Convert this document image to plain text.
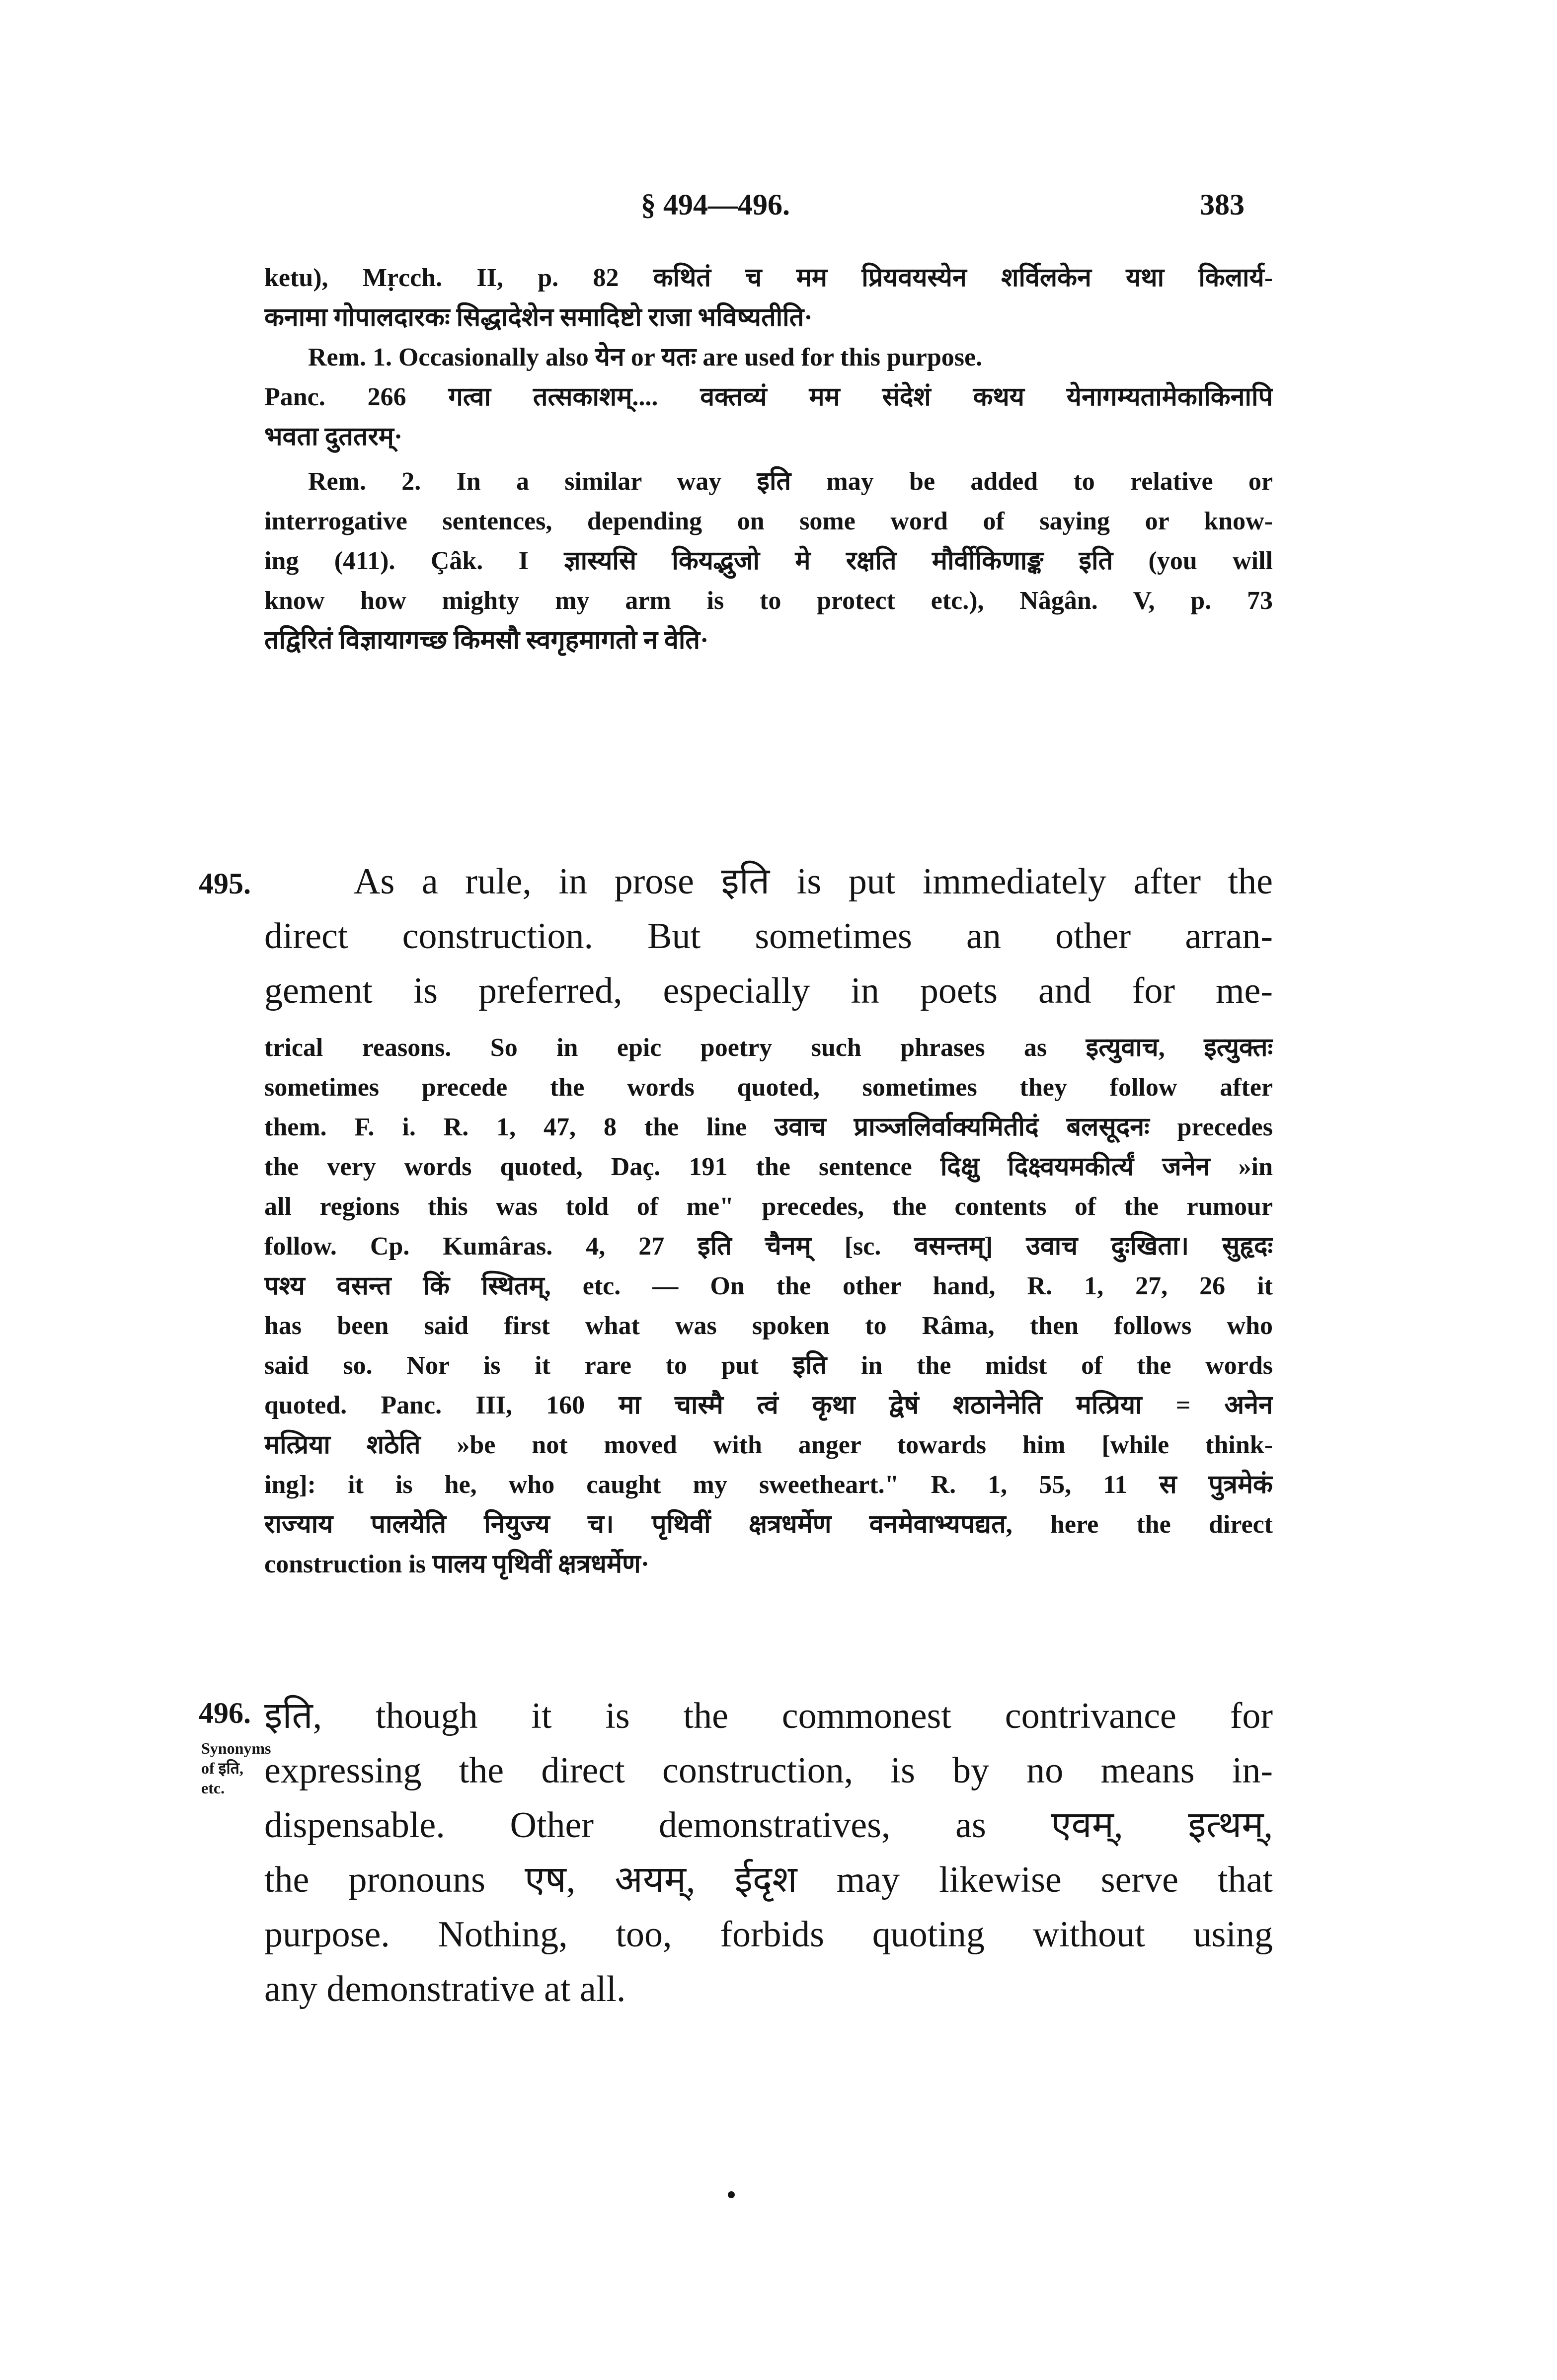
§ 494—496.	383
ketu), Mṛcch. II, p. 82 कथितं च मम प्रियवयस्येन शर्विलकेन यथा किलार्य-
कनामा गोपालदारकः सिद्धादेशेन समादिष्टो राजा भविष्यतीति·
Rem. 1. Occasionally also येन or यतः are used for this purpose.
Panc. 266 गत्वा तत्सकाशम्.... वक्तव्यं मम संदेशं कथय येनागम्यतामेकाकिनापि
भवता दुततरम्·
Rem. 2. In a similar way इति may be added to relative or
interrogative sentences, depending on some word of saying or know-
ing (411). Çâk. I ज्ञास्यसि कियद्भुजो मे रक्षति मौर्वीकिणाङ्क इति (you will
know how mighty my arm is to protect etc.), Nâgân. V, p. 73
तद्विरितं विज्ञायागच्छ किमसौ स्वगृहमागतो न वेति·
495.	As a rule, in prose इति is put immediately after the
direct construction. But sometimes an other arran-
gement is preferred, especially in poets and for me-
trical reasons. So in epic poetry such phrases as इत्युवाच, इत्युक्तः
sometimes precede the words quoted, sometimes they follow after
them. F. i. R. 1, 47, 8 the line उवाच प्राञ्जलिर्वाक्यमितीदं बलसूदनः precedes
the very words quoted, Daç. 191 the sentence दिक्षु दिक्ष्वयमकीर्त्यं जनेन »in
all regions this was told of me" precedes, the contents of the rumour
follow. Cp. Kumâras. 4, 27 इति चैनम् [sc. वसन्तम्] उवाच दुःखिता। सुहृदः
पश्य वसन्त किं स्थितम्, etc. — On the other hand, R. 1, 27, 26 it
has been said first what was spoken to Râma, then follows who
said so. Nor is it rare to put इति in the midst of the words
quoted. Panc. III, 160 मा चास्मै त्वं कृथा द्वेषं शठानेनेति मत्प्रिया = अनेन
मत्प्रिया शठेति »be not moved with anger towards him [while think-
ing]: it is he, who caught my sweetheart." R. 1, 55, 11 स पुत्रमेकं
राज्याय पालयेति नियुज्य च। पृथिवीं क्षत्रधर्मेण वनमेवाभ्यपद्यत, here the direct
construction is पालय पृथिवीं क्षत्रधर्मेण·
496.
Synonyms of इति, etc.
इति, though it is the commonest contrivance for
expressing the direct construction, is by no means in-
dispensable. Other demonstratives, as एवम्, इत्थम्,
the pronouns एष, अयम्, ईदृश may likewise serve that
purpose. Nothing, too, forbids quoting without using
any demonstrative at all.
